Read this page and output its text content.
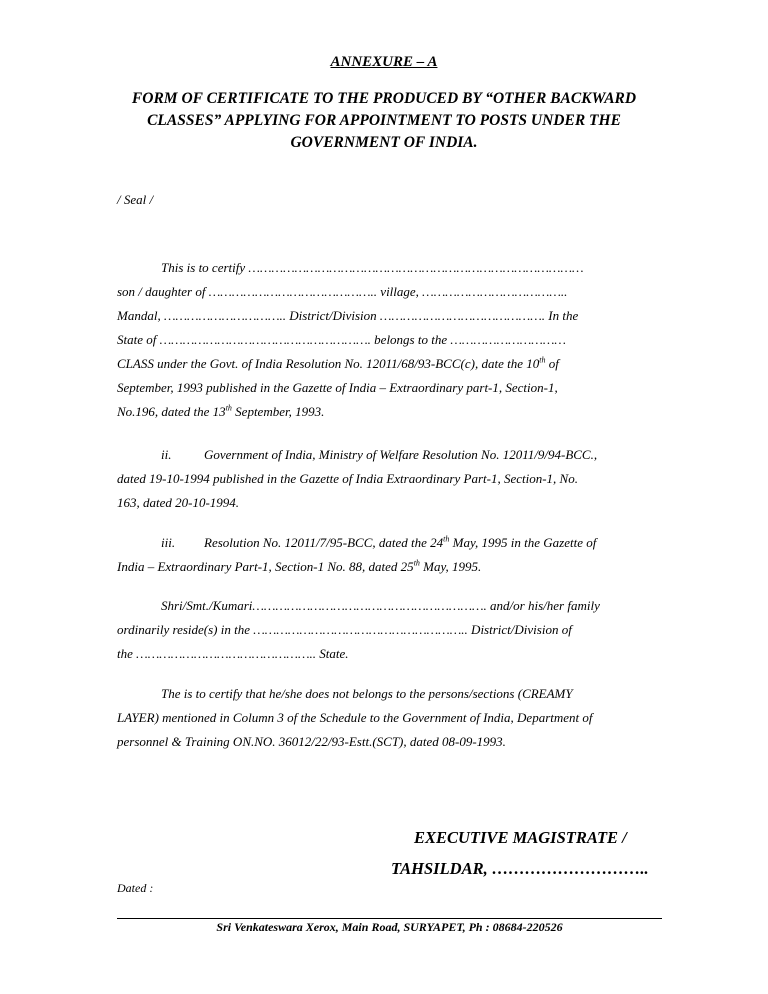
ANNEXURE – A
FORM OF CERTIFICATE TO THE PRODUCED BY “OTHER BACKWARD
CLASSES” APPLYING FOR APPOINTMENT TO POSTS UNDER THE
GOVERNMENT OF INDIA.
/ Seal /
This is to certify ……………………………………………………………………………
son / daughter of …………………………………….. village, ………………………………..
Mandal, ………………………….. District/Division ……………………………………. In the
State of ………………………………………………. belongs to the …………………………
CLASS under the Govt. of India Resolution No. 12011/68/93-BCC(c), date the 10th of
September, 1993 published in the Gazette of India – Extraordinary part-1, Section-1,
No.196, dated the 13th September, 1993.
ii.	Government of India, Ministry of Welfare Resolution No. 12011/9/94-BCC.,
dated 19-10-1994 published in the Gazette of India Extraordinary Part-1, Section-1, No.
163, dated 20-10-1994.
iii. Resolution No. 12011/7/95-BCC, dated the 24th May, 1995 in the Gazette of
India – Extraordinary Part-1, Section-1 No. 88, dated 25th May, 1995.
Shri/Smt./Kumari……………………………………………………. and/or his/her family
ordinarily reside(s) in the ……………………………………………….. District/Division of
the ……………………………………….. State.
The is to certify that he/she does not belongs to the persons/sections (CREAMY
LAYER) mentioned in Column 3 of the Schedule to the Government of India, Department of
personnel & Training ON.NO. 36012/22/93-Estt.(SCT), dated 08-09-1993.
EXECUTIVE MAGISTRATE /
TAHSILDAR, ………………………..
Dated :
Sri Venkateswara Xerox, Main Road, SURYAPET, Ph : 08684-220526
